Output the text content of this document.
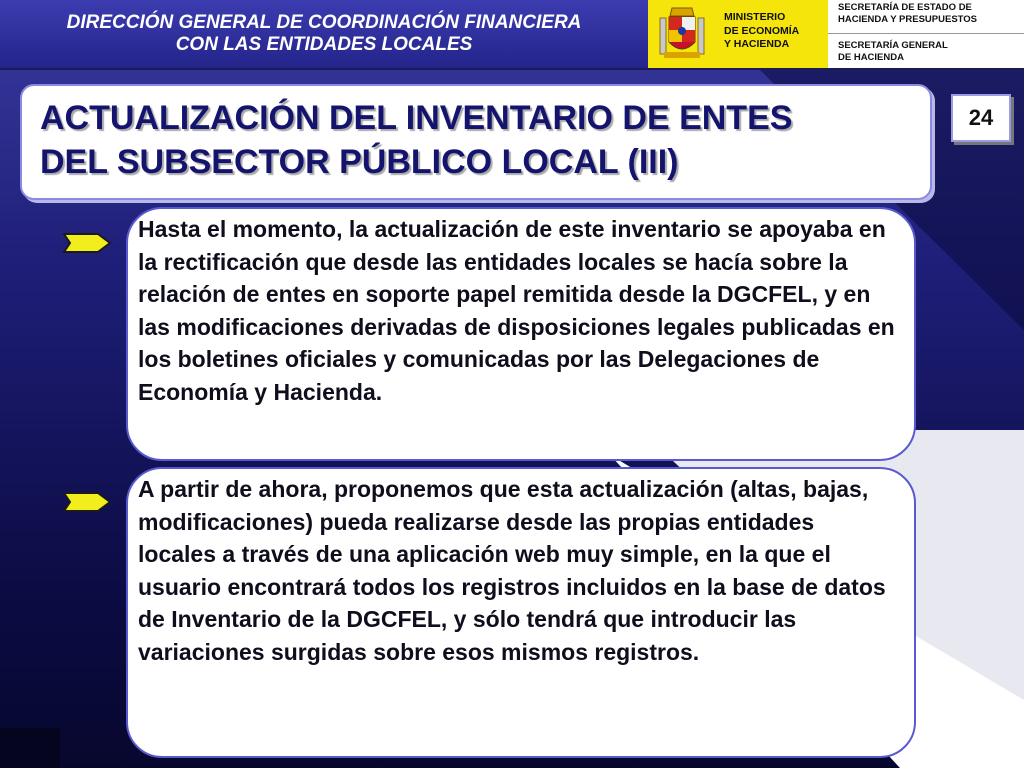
DIRECCIÓN GENERAL DE COORDINACIÓN FINANCIERA
CON LAS ENTIDADES LOCALES
MINISTERIO
DE ECONOMÍA
Y HACIENDA
SECRETARÍA DE ESTADO DE
HACIENDA Y PRESUPUESTOS
SECRETARÍA GENERAL
DE HACIENDA
ACTUALIZACIÓN DEL INVENTARIO DE ENTES
DEL SUBSECTOR PÚBLICO LOCAL (III)
24
Hasta el momento, la actualización de este inventario se apoyaba en la rectificación que desde las entidades locales se hacía sobre la relación de entes en soporte papel remitida desde la DGCFEL, y en las modificaciones derivadas de disposiciones legales publicadas en los boletines oficiales y comunicadas por las Delegaciones de Economía y Hacienda.
A partir de ahora, proponemos que esta actualización (altas, bajas, modificaciones) pueda realizarse desde las propias entidades locales a través de una aplicación web muy simple, en la que el usuario encontrará todos los registros incluidos en la base de datos de Inventario de la DGCFEL, y sólo tendrá que introducir las variaciones surgidas sobre esos mismos registros.
